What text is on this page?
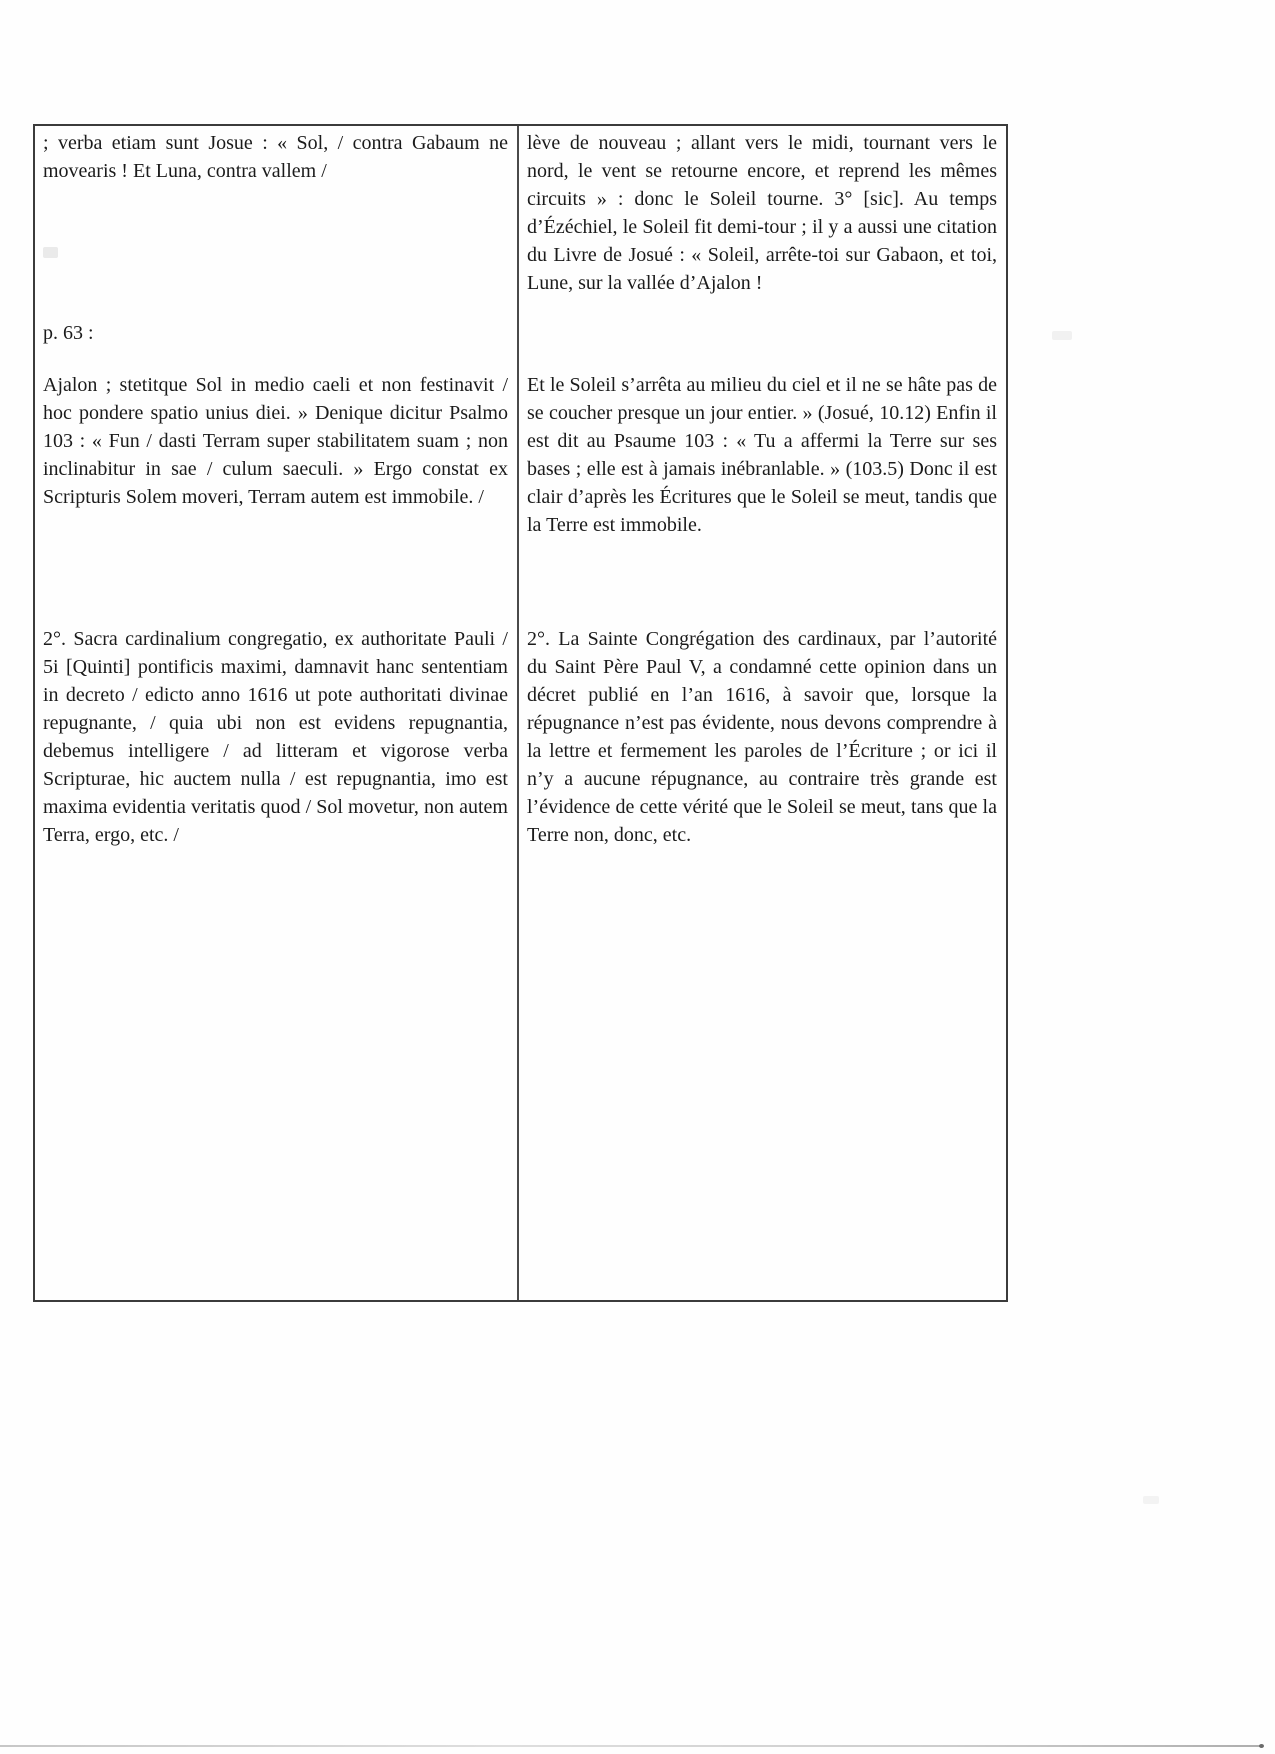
; verba etiam sunt Josue : « Sol, / contra Gabaum ne movearis ! Et Luna, contra vallem /

p. 63 :

lève de nouveau ; allant vers le midi, tournant vers le nord, le vent se retourne encore, et reprend les mêmes circuits » : donc le Soleil tourne. 3° [sic]. Au temps d’Ézéchiel, le Soleil fit demi-tour ; il y a aussi une citation du Livre de Josué : « Soleil, arrête-toi sur Gabaon, et toi, Lune, sur la vallée d’Ajalon !

Ajalon ; stetitque Sol in medio caeli et non festinavit / hoc pondere spatio unius diei. » Denique dicitur Psalmo 103 : « Fun / dasti Terram super stabilitatem suam ; non inclinabitur in sae / culum saeculi. » Ergo constat ex Scripturis Solem moveri, Terram autem est immobile. /

Et le Soleil s’arrêta au milieu du ciel et il ne se hâte pas de se coucher presque un jour entier. » (Josué, 10.12) Enfin il est dit au Psaume 103 : « Tu a affermi la Terre sur ses bases ; elle est à jamais inébranlable. » (103.5) Donc il est clair d’après les Écritures que le Soleil se meut, tandis que la Terre est immobile.

2°. Sacra cardinalium congregatio, ex authoritate Pauli / 5i [Quinti] pontificis maximi, damnavit hanc sententiam in decreto / edicto anno 1616 ut pote authoritati divinae repugnante, / quia ubi non est evidens repugnantia, debemus intelligere / ad litteram et vigorose verba Scripturae, hic auctem nulla / est repugnantia, imo est maxima evidentia veritatis quod / Sol movetur, non autem Terra, ergo, etc. /

2°. La Sainte Congrégation des cardinaux, par l’autorité du Saint Père Paul V, a condamné cette opinion dans un décret publié en l’an 1616, à savoir que, lorsque la répugnance n’est pas évidente, nous devons comprendre à la lettre et fermement les paroles de l’Écriture ; or ici il n’y a aucune répugnance, au contraire très grande est l’évidence de cette vérité que le Soleil se meut, tans que la Terre non, donc, etc.
